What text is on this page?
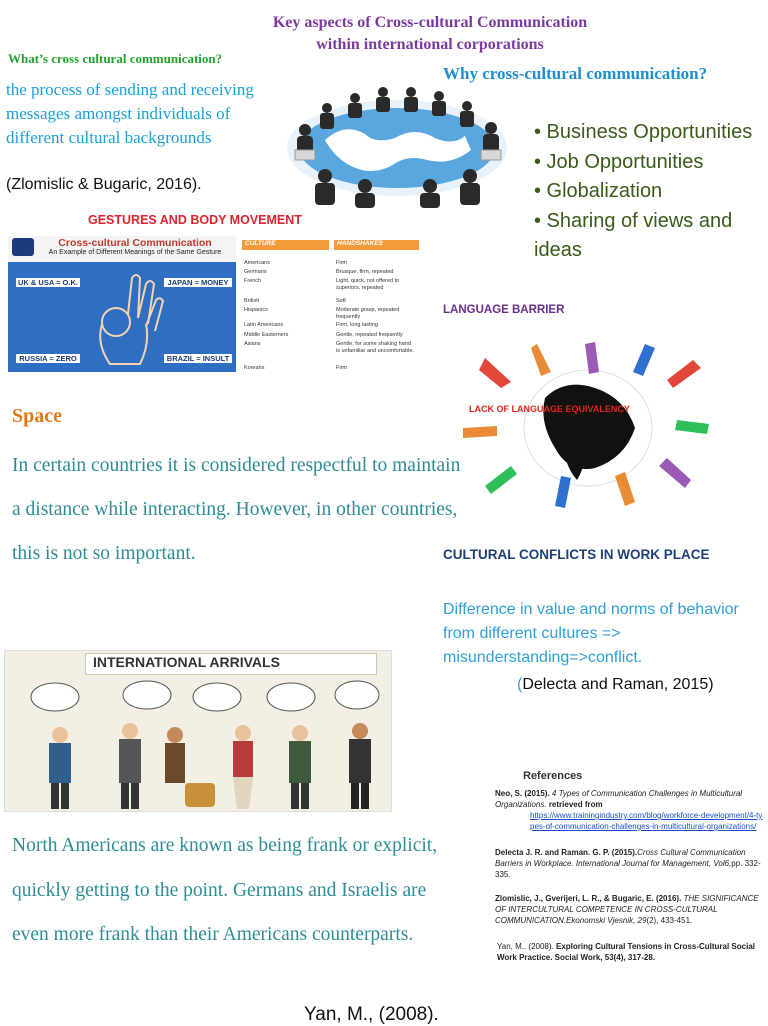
Key aspects of Cross-cultural Communication
within international corporations
What’s cross cultural communication?
the process of sending and receiving messages amongst individuals of different cultural backgrounds
(Zlomislic & Bugaric, 2016).
Why cross-cultural communication?
• Business Opportunities
• Job Opportunities
• Globalization
• Sharing of views and ideas
GESTURES AND BODY MOVEMENT
Cross-cultural Communication
An Example of Different Meanings of the Same Gesture
UK & USA = O.K.	JAPAN = MONEY
RUSSIA = ZERO	BRAZIL = INSULT
CULTURE	HANDSHAKES
Americans	Firm
Germans	Brusque, firm, repeated
French	Light, quick, not offered to superiors, repeated
British	Soft
Hispanics	Moderate grasp, repeated frequently
Latin Americans	Firm, long lasting
Middle Easterners	Gentle, repeated frequently
Asians	Gentle; for some shaking hand is unfamiliar and uncomfortable.
Koreans	Firm
LANGUAGE BARRIER
LACK OF LANGUAGE EQUIVALENCY
Space
In certain countries it is considered respectful to maintain a distance while interacting. However, in other countries, this is not so important.	CULTURAL CONFLICTS IN WORK PLACE
Difference in value and norms of behavior from different cultures => misunderstanding=>conflict.
(Delecta and Raman, 2015)
INTERNATIONAL ARRIVALS
North Americans are known as being frank or explicit, quickly getting to the point. Germans and Israelis are even more frank than their Americans counterparts.
Yan, M., (2008).
References
Neo, S. (2015). 4 Types of Communication Challenges in Multicultural Organizations. retrieved from

https://www.trainingindustry.com/blog/workforce-development/4-types-of-communication-challenges-in-multicultural-organizations/
Delecta J. R. and Raman. G. P. (2015).Cross Cultural Communication Barriers in Workplace. International Journal for Management, Vol6,pp. 332-335.
Zlomislic, J., Gverijeri, L. R., & Bugaric, E. (2016). THE SIGNIFICANCE OF INTERCULTURAL COMPETENCE IN CROSS-CULTURAL COMMUNICATION.Ekonomski Vjesnik, 29(2), 433-451.
Yan, M.. (2008). Exploring Cultural Tensions in Cross-Cultural Social Work Practice. Social Work, 53(4), 317-28.
